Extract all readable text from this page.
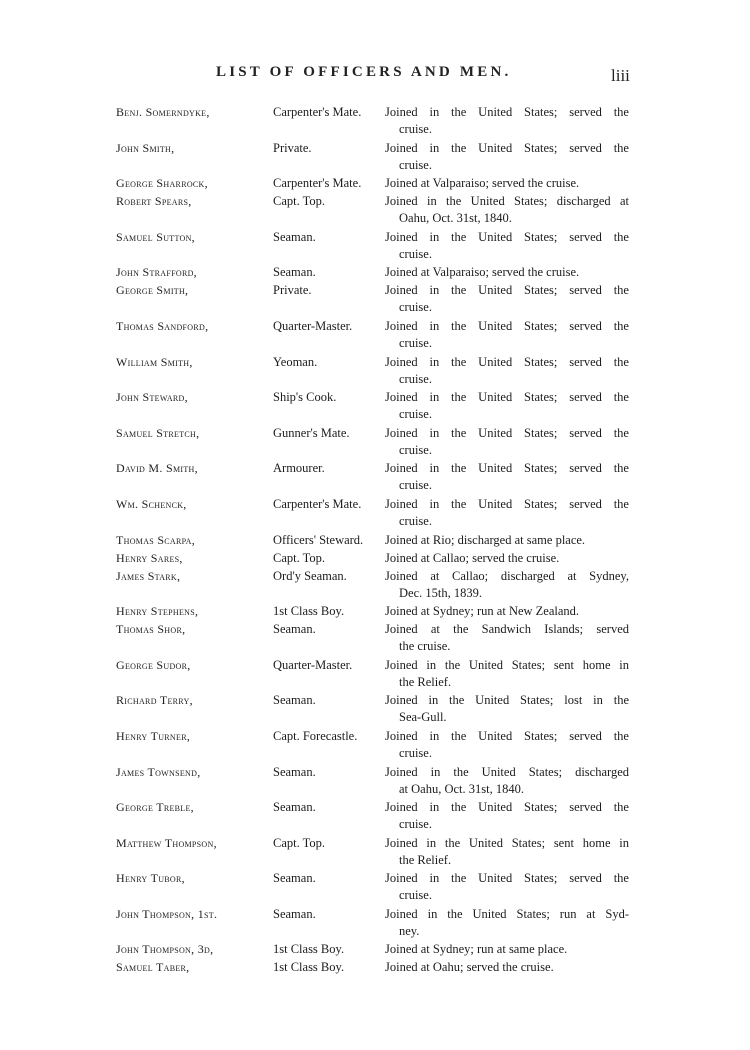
LIST OF OFFICERS AND MEN.	liii
Benj. Somerndyke,	Carpenter's Mate.	Joined in the United States; served the
cruise.
John Smith,	Private.	Joined in the United States; served the
cruise.
George Sharrock,	Carpenter's Mate.	Joined at Valparaiso; served the cruise.
Robert Spears,	Capt. Top.	Joined in the United States; discharged at
Oahu, Oct. 31st, 1840.
Samuel Sutton,	Seaman.	Joined in the United States; served the
cruise.
John Strafford,	Seaman.	Joined at Valparaiso; served the cruise.
George Smith,	Private.	Joined in the United States; served the
cruise.
Thomas Sandford,	Quarter-Master.	Joined in the United States; served the
cruise.
William Smith,	Yeoman.	Joined in the United States; served the
cruise.
John Steward,	Ship's Cook.	Joined in the United States; served the
cruise.
Samuel Stretch,	Gunner's Mate.	Joined in the United States; served the
cruise.
David M. Smith,	Armourer.	Joined in the United States; served the
cruise.
Wm. Schenck,	Carpenter's Mate.	Joined in the United States; served the
cruise.
Thomas Scarpa,	Officers' Steward.	Joined at Rio; discharged at same place.
Henry Sares,	Capt. Top.	Joined at Callao; served the cruise.
James Stark,	Ord'y Seaman.	Joined at Callao; discharged at Sydney,
Dec. 15th, 1839.
Henry Stephens,	1st Class Boy.	Joined at Sydney; run at New Zealand.
Thomas Shor,	Seaman.	Joined at the Sandwich Islands; served
the cruise.
George Sudor,	Quarter-Master.	Joined in the United States; sent home in
the Relief.
Richard Terry,	Seaman.	Joined in the United States; lost in the
Sea-Gull.
Henry Turner,	Capt. Forecastle.	Joined in the United States; served the
cruise.
James Townsend,	Seaman.	Joined in the United States; discharged
at Oahu, Oct. 31st, 1840.
George Treble,	Seaman.	Joined in the United States; served the
cruise.
Matthew Thompson,	Capt. Top.	Joined in the United States; sent home in
the Relief.
Henry Tubor,	Seaman.	Joined in the United States; served the
cruise.
John Thompson, 1st.	Seaman.	Joined in the United States; run at Syd-
ney.
John Thompson, 3d,	1st Class Boy.	Joined at Sydney; run at same place.
Samuel Taber,	1st Class Boy.	Joined at Oahu; served the cruise.
